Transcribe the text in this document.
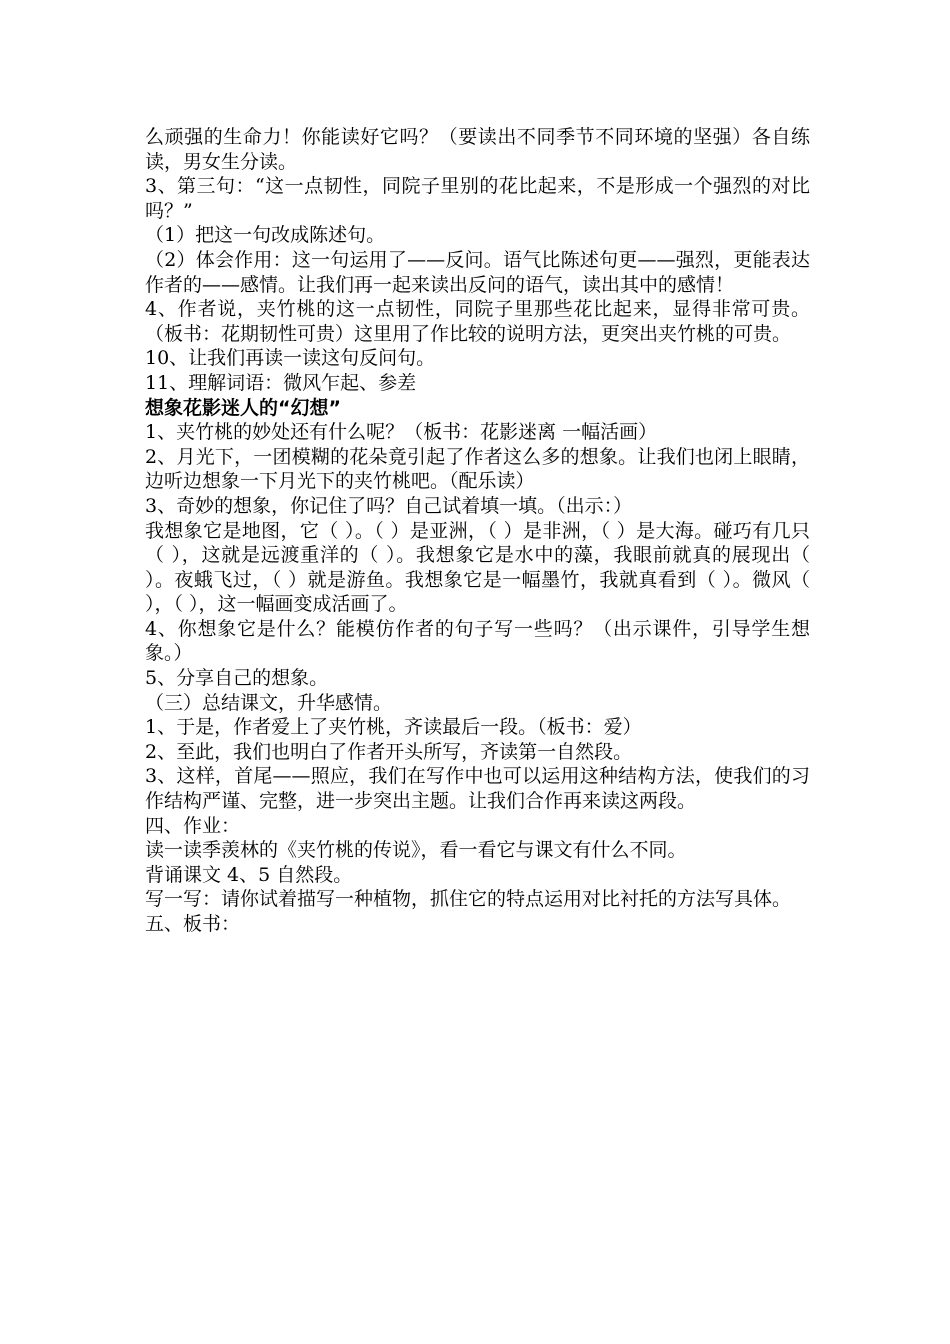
么顽强的生命力！你能读好它吗？（要读出不同季节不同环境的坚强）各自练读，男女生分读。

3、第三句：“这一点韧性，同院子里别的花比起来，不是形成一个强烈的对比吗？”

（1）把这一句改成陈述句。

（2）体会作用：这一句运用了——反问。语气比陈述句更——强烈，更能表达作者的——感情。让我们再一起来读出反问的语气，读出其中的感情！

4、作者说，夹竹桃的这一点韧性，同院子里那些花比起来，显得非常可贵。（板书：花期韧性可贵）这里用了作比较的说明方法，更突出夹竹桃的可贵。

10、让我们再读一读这句反问句。

11、理解词语：微风乍起、参差

想象花影迷人的“幻想”

1、夹竹桃的妙处还有什么呢？（板书：花影迷离 一幅活画）

2、月光下，一团模糊的花朵竟引起了作者这么多的想象。让我们也闭上眼睛，边听边想象一下月光下的夹竹桃吧。（配乐读）

3、奇妙的想象，你记住了吗？自己试着填一填。（出示：）

我想象它是地图，它（ ）。（ ）是亚洲，（ ）是非洲，（ ）是大海。碰巧有几只（ ），这就是远渡重洋的（ ）。我想象它是水中的藻，我眼前就真的展现出（ ）。夜蛾飞过，（ ）就是游鱼。我想象它是一幅墨竹，我就真看到（ ）。微风（ ），（ ），这一幅画变成活画了。

4、你想象它是什么？能模仿作者的句子写一些吗？（出示课件，引导学生想象。）

5、分享自己的想象。

（三）总结课文，升华感情。

1、于是，作者爱上了夹竹桃，齐读最后一段。（板书：爱）

2、至此，我们也明白了作者开头所写，齐读第一自然段。

3、这样，首尾——照应，我们在写作中也可以运用这种结构方法，使我们的习作结构严谨、完整，进一步突出主题。让我们合作再来读这两段。

四、作业：

读一读季羡林的《夹竹桃的传说》，看一看它与课文有什么不同。

背诵课文 4、5 自然段。

写一写：请你试着描写一种植物，抓住它的特点运用对比衬托的方法写具体。

五、板书：
